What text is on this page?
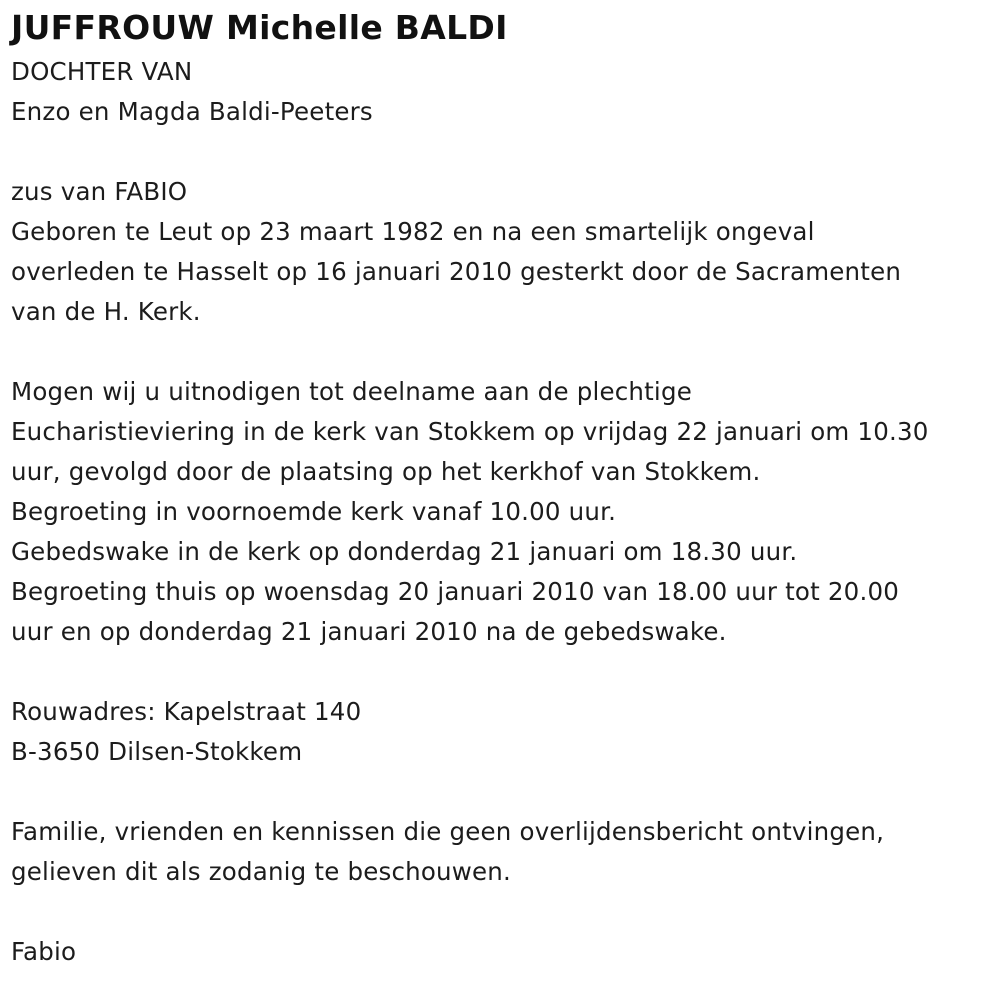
JUFFROUW Michelle BALDI
DOCHTER VAN
Enzo en Magda Baldi-Peeters
zus van FABIO
Geboren te Leut op 23 maart 1982 en na een smartelijk ongeval
overleden te Hasselt op 16 januari 2010 gesterkt door de Sacramenten
van de H. Kerk.
Mogen wij u uitnodigen tot deelname aan de plechtige
Eucharistieviering in de kerk van Stokkem op vrijdag 22 januari om 10.30
uur, gevolgd door de plaatsing op het kerkhof van Stokkem.
Begroeting in voornoemde kerk vanaf 10.00 uur.
Gebedswake in de kerk op donderdag 21 januari om 18.30 uur.
Begroeting thuis op woensdag 20 januari 2010 van 18.00 uur tot 20.00
uur en op donderdag 21 januari 2010 na de gebedswake.
Rouwadres: Kapelstraat 140
B-3650 Dilsen-Stokkem
Familie, vrienden en kennissen die geen overlijdensbericht ontvingen,
gelieven dit als zodanig te beschouwen.
Fabio
